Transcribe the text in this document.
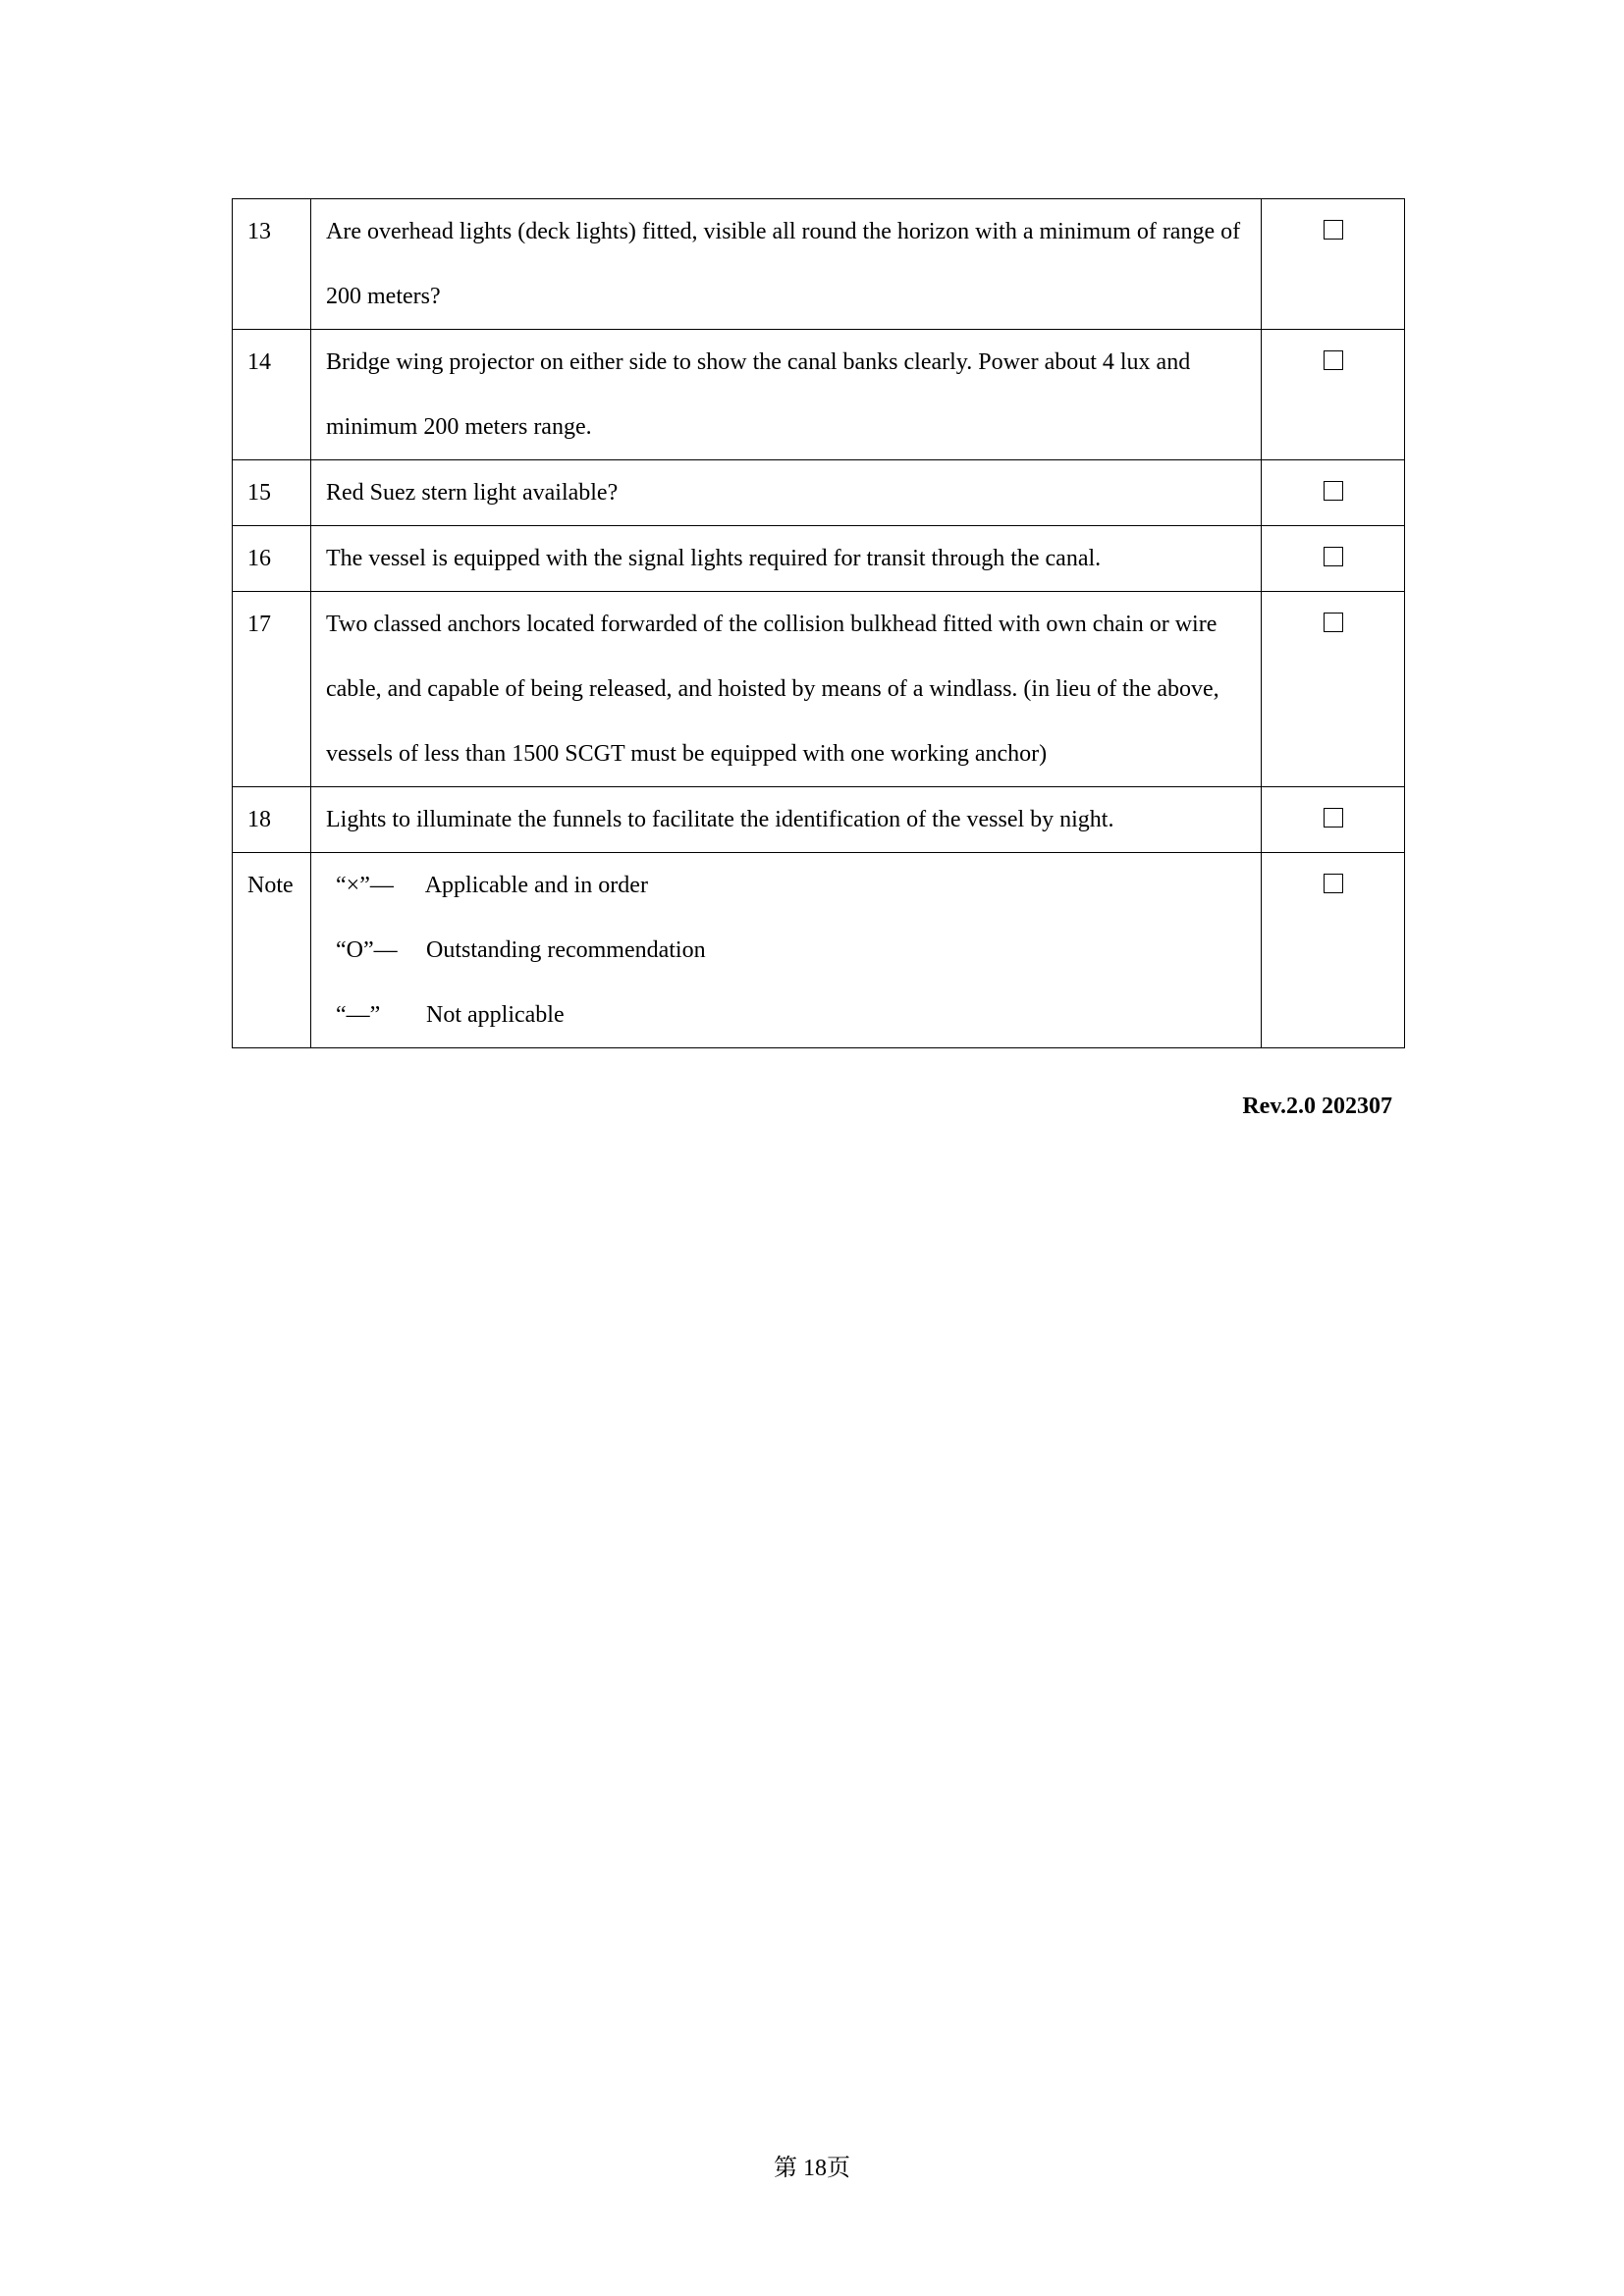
13	Are overhead lights (deck lights) fitted, visible all round the horizon with a minimum of range of 200 meters?	
14	Bridge wing projector on either side to show the canal banks clearly. Power about 4 lux and minimum 200 meters range.	
15	Red Suez stern light available?	
16	The vessel is equipped with the signal lights required for transit through the canal.	
17	Two classed anchors located forwarded of the collision bulkhead fitted with own chain or wire cable, and capable of being released, and hoisted by means of a windlass. (in lieu of the above, vessels of less than 1500 SCGT must be equipped with one working anchor)	
18	Lights to illuminate the funnels to facilitate the identification of the vessel by night.	
Note	“×”— Applicable and in order
“O”— Outstanding recommendation
“—” Not applicable	

Rev.2.0 202307
第 18页
